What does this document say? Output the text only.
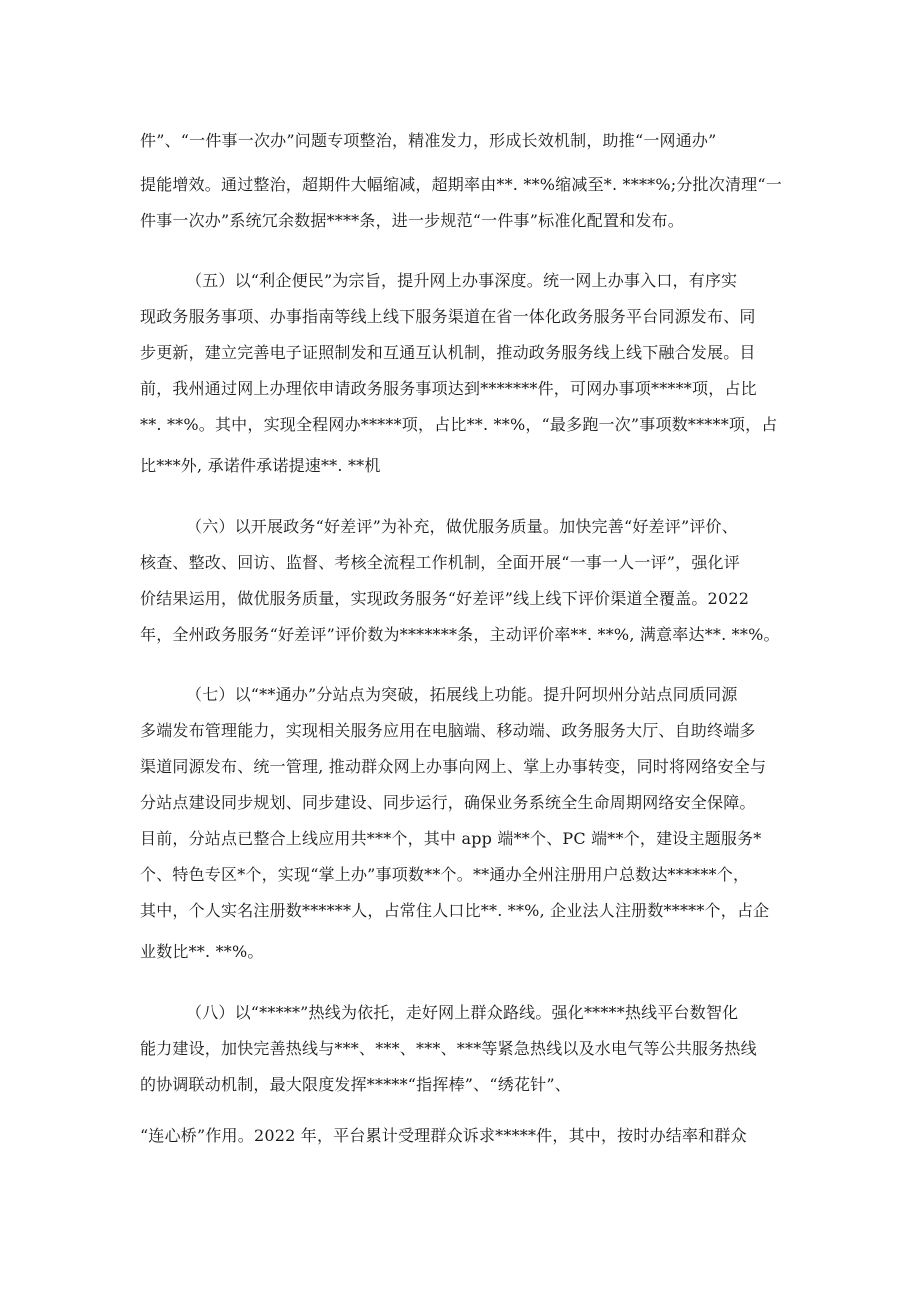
件”、“一件事一次办”问题专项整治，精准发力，形成长效机制，助推“一网通办”
提能增效。通过整治，超期件大幅缩减，超期率由**. **%缩减至*. ****%;分批次清理“一
件事一次办”系统冗余数据****条，进一步规范“一件事”标准化配置和发布。
（五）以“利企便民”为宗旨，提升网上办事深度。统一网上办事入口，有序实
现政务服务事项、办事指南等线上线下服务渠道在省一体化政务服务平台同源发布、同
步更新，建立完善电子证照制发和互通互认机制，推动政务服务线上线下融合发展。目
前，我州通过网上办理依申请政务服务事项达到*******件，可网办事项*****项，占比
**. **%。其中，实现全程网办*****项，占比**. **%，“最多跑一次”事项数*****项，占
比***外, 承诺件承诺提速**. **机
（六）以开展政务“好差评”为补充，做优服务质量。加快完善“好差评”评价、
核查、整改、回访、监督、考核全流程工作机制，全面开展“一事一人一评”，强化评
价结果运用，做优服务质量，实现政务服务“好差评”线上线下评价渠道全覆盖。2022
年，全州政务服务“好差评”评价数为*******条，主动评价率**. **%, 满意率达**. **%。
（七）以“**通办”分站点为突破，拓展线上功能。提升阿坝州分站点同质同源
多端发布管理能力，实现相关服务应用在电脑端、移动端、政务服务大厅、自助终端多
渠道同源发布、统一管理, 推动群众网上办事向网上、掌上办事转变，同时将网络安全与
分站点建设同步规划、同步建设、同步运行，确保业务系统全生命周期网络安全保障。
目前，分站点已整合上线应用共***个，其中 app 端**个、PC 端**个，建设主题服务*
个、特色专区*个，实现“掌上办”事项数**个。**通办全州注册用户总数达******个，
其中，个人实名注册数******人，占常住人口比**. **%, 企业法人注册数*****个，占企
业数比**. **%。
（八）以“*****”热线为依托，走好网上群众路线。强化*****热线平台数智化
能力建设，加快完善热线与***、***、***、***等紧急热线以及水电气等公共服务热线
的协调联动机制，最大限度发挥*****“指挥棒”、“绣花针”、
“连心桥”作用。2022 年，平台累计受理群众诉求*****件，其中，按时办结率和群众
